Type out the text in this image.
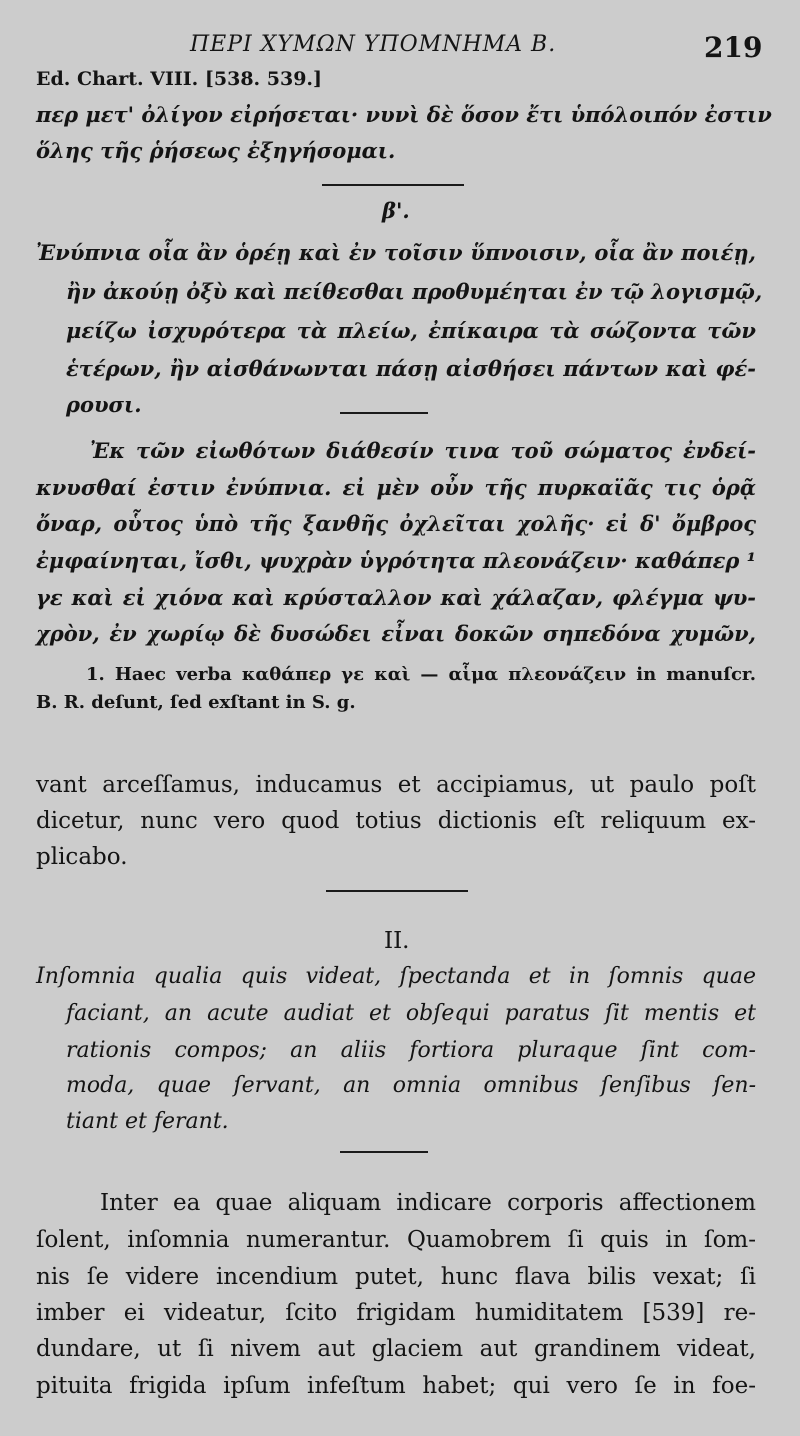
ΠΕΡΙ ΧΥΜΩΝ ΥΠΟΜΝΗΜΑ Β.	219
Ed. Chart. VIII. [538. 539.]
περ μετ' ὀλίγον εἰρήσεται· νυνὶ δὲ ὅσον ἔτι ὑπόλοιπόν ἐστιν
ὅλης τῆς ῥήσεως ἐξηγήσομαι.
β'.
Ἐνύπνια οἷα ἂν ὁρέῃ καὶ ἐν τοῖσιν ὕπνοισιν, οἷα ἂν ποιέῃ,
ἢν ἀκούῃ ὀξὺ καὶ πείθεσθαι προθυμέηται ἐν τῷ λογισμῷ,
μείζω ἰσχυρότερα τὰ πλείω, ἐπίκαιρα τὰ σώζοντα τῶν
ἑτέρων, ἢν αἰσθάνωνται πάσῃ αἰσθήσει πάντων καὶ φέ-
ρουσι.
Ἐκ τῶν εἰωθότων διάθεσίν τινα τοῦ σώματος ἐνδεί-
κνυσθαί ἐστιν ἐνύπνια. εἰ μὲν οὖν τῆς πυρκαϊᾶς τις ὁρᾷ
ὄναρ, οὗτος ὑπὸ τῆς ξανθῆς ὀχλεῖται χολῆς· εἰ δ' ὄμβρος
ἐμφαίνηται, ἴσθι, ψυχρὰν ὑγρότητα πλεονάζειν· καθάπερ ¹
γε καὶ εἰ χιόνα καὶ κρύσταλλον καὶ χάλαζαν, φλέγμα ψυ-
χρὸν, ἐν χωρίῳ δὲ δυσώδει εἶναι δοκῶν σηπεδόνα χυμῶν,
1. Haec verba καθάπερ γε καὶ — αἷμα πλεονάζειν in manuſcr.
B. R. deſunt, ſed exſtant in S. g.
vant arceſſamus, inducamus et accipiamus, ut paulo poſt
dicetur, nunc vero quod totius dictionis eſt reliquum ex-
plicabo.
II.
Inſomnia qualia quis videat, ſpectanda et in ſomnis quae
faciant, an acute audiat et obſequi paratus ſit mentis et
rationis compos; an aliis fortiora pluraque ſint com-
moda, quae ſervant, an omnia omnibus ſenſibus ſen-
tiant et ferant.
Inter ea quae aliquam indicare corporis affectionem
ſolent, inſomnia numerantur. Quamobrem ſi quis in ſom-
nis ſe videre incendium putet, hunc flava bilis vexat; ſi
imber ei videatur, ſcito frigidam humiditatem [539] re-
dundare, ut ſi nivem aut glaciem aut grandinem videat,
pituita frigida ipſum infeſtum habet; qui vero ſe in foe-
